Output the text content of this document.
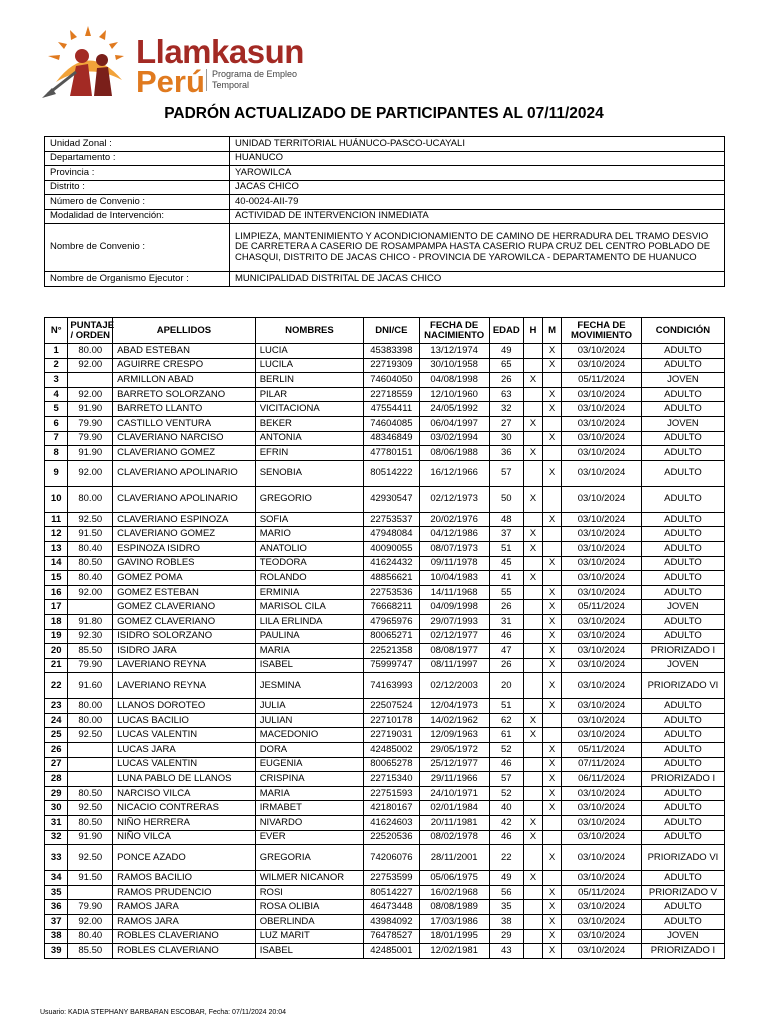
Llamkasun
Perú Programa de Empleo
Temporal
PADRÓN ACTUALIZADO DE PARTICIPANTES AL 07/11/2024
Unidad Zonal :	UNIDAD TERRITORIAL HUÁNUCO-PASCO-UCAYALI
Departamento :	HUANUCO
Provincia :	YAROWILCA
Distrito :	JACAS CHICO
Número de Convenio :	40-0024-AII-79
Modalidad de Intervención:	ACTIVIDAD DE INTERVENCION INMEDIATA
Nombre de Convenio :	LIMPIEZA, MANTENIMIENTO Y ACONDICIONAMIENTO DE CAMINO DE HERRADURA DEL TRAMO DESVIO DE CARRETERA A CASERIO DE ROSAMPAMPA HASTA CASERIO RUPA CRUZ DEL CENTRO POBLADO DE CHASQUI, DISTRITO DE JACAS CHICO - PROVINCIA DE YAROWILCA - DEPARTAMENTO DE HUANUCO
Nombre de Organismo Ejecutor :	MUNICIPALIDAD DISTRITAL DE JACAS CHICO
N°	PUNTAJE / ORDEN	APELLIDOS	NOMBRES	DNI/CE	FECHA DE NACIMIENTO	EDAD	H	M	FECHA DE MOVIMIENTO	CONDICIÓN
1	80.00	ABAD ESTEBAN	LUCIA	45383398	13/12/1974	49		X	03/10/2024	ADULTO
2	92.00	AGUIRRE CRESPO	LUCILA	22719309	30/10/1958	65		X	03/10/2024	ADULTO
3		ARMILLON ABAD	BERLIN	74604050	04/08/1998	26	X		05/11/2024	JOVEN
4	92.00	BARRETO SOLORZANO	PILAR	22718559	12/10/1960	63		X	03/10/2024	ADULTO
5	91.90	BARRETO LLANTO	VICITACIONA	47554411	24/05/1992	32		X	03/10/2024	ADULTO
6	79.90	CASTILLO VENTURA	BEKER	74604085	06/04/1997	27	X		03/10/2024	JOVEN
7	79.90	CLAVERIANO NARCISO	ANTONIA	48346849	03/02/1994	30		X	03/10/2024	ADULTO
8	91.90	CLAVERIANO GOMEZ	EFRIN	47780151	08/06/1988	36	X		03/10/2024	ADULTO
9	92.00	CLAVERIANO APOLINARIO	SENOBIA	80514222	16/12/1966	57		X	03/10/2024	ADULTO
10	80.00	CLAVERIANO APOLINARIO	GREGORIO	42930547	02/12/1973	50	X		03/10/2024	ADULTO
11	92.50	CLAVERIANO ESPINOZA	SOFIA	22753537	20/02/1976	48		X	03/10/2024	ADULTO
12	91.50	CLAVERIANO GOMEZ	MARIO	47948084	04/12/1986	37	X		03/10/2024	ADULTO
13	80.40	ESPINOZA ISIDRO	ANATOLIO	40090055	08/07/1973	51	X		03/10/2024	ADULTO
14	80.50	GAVINO ROBLES	TEODORA	41624432	09/11/1978	45		X	03/10/2024	ADULTO
15	80.40	GOMEZ POMA	ROLANDO	48856621	10/04/1983	41	X		03/10/2024	ADULTO
16	92.00	GOMEZ ESTEBAN	ERMINIA	22753536	14/11/1968	55		X	03/10/2024	ADULTO
17		GOMEZ CLAVERIANO	MARISOL CILA	76668211	04/09/1998	26		X	05/11/2024	JOVEN
18	91.80	GOMEZ CLAVERIANO	LILA ERLINDA	47965976	29/07/1993	31		X	03/10/2024	ADULTO
19	92.30	ISIDRO SOLORZANO	PAULINA	80065271	02/12/1977	46		X	03/10/2024	ADULTO
20	85.50	ISIDRO JARA	MARIA	22521358	08/08/1977	47		X	03/10/2024	PRIORIZADO I
21	79.90	LAVERIANO REYNA	ISABEL	75999747	08/11/1997	26		X	03/10/2024	JOVEN
22	91.60	LAVERIANO REYNA	JESMINA	74163993	02/12/2003	20		X	03/10/2024	PRIORIZADO VI
23	80.00	LLANOS DOROTEO	JULIA	22507524	12/04/1973	51		X	03/10/2024	ADULTO
24	80.00	LUCAS BACILIO	JULIAN	22710178	14/02/1962	62	X		03/10/2024	ADULTO
25	92.50	LUCAS VALENTIN	MACEDONIO	22719031	12/09/1963	61	X		03/10/2024	ADULTO
26		LUCAS JARA	DORA	42485002	29/05/1972	52		X	05/11/2024	ADULTO
27		LUCAS VALENTIN	EUGENIA	80065278	25/12/1977	46		X	07/11/2024	ADULTO
28		LUNA PABLO DE LLANOS	CRISPINA	22715340	29/11/1966	57		X	06/11/2024	PRIORIZADO I
29	80.50	NARCISO VILCA	MARIA	22751593	24/10/1971	52		X	03/10/2024	ADULTO
30	92.50	NICACIO CONTRERAS	IRMABET	42180167	02/01/1984	40		X	03/10/2024	ADULTO
31	80.50	NIÑO HERRERA	NIVARDO	41624603	20/11/1981	42	X		03/10/2024	ADULTO
32	91.90	NIÑO VILCA	EVER	22520536	08/02/1978	46	X		03/10/2024	ADULTO
33	92.50	PONCE AZADO	GREGORIA	74206076	28/11/2001	22		X	03/10/2024	PRIORIZADO VI
34	91.50	RAMOS BACILIO	WILMER NICANOR	22753599	05/06/1975	49	X		03/10/2024	ADULTO
35		RAMOS PRUDENCIO	ROSI	80514227	16/02/1968	56		X	05/11/2024	PRIORIZADO V
36	79.90	RAMOS JARA	ROSA OLIBIA	46473448	08/08/1989	35		X	03/10/2024	ADULTO
37	92.00	RAMOS JARA	OBERLINDA	43984092	17/03/1986	38		X	03/10/2024	ADULTO
38	80.40	ROBLES CLAVERIANO	LUZ MARIT	76478527	18/01/1995	29		X	03/10/2024	JOVEN
39	85.50	ROBLES CLAVERIANO	ISABEL	42485001	12/02/1981	43		X	03/10/2024	PRIORIZADO I
Usuario: KADIA STEPHANY BARBARAN ESCOBAR, Fecha: 07/11/2024 20:04
